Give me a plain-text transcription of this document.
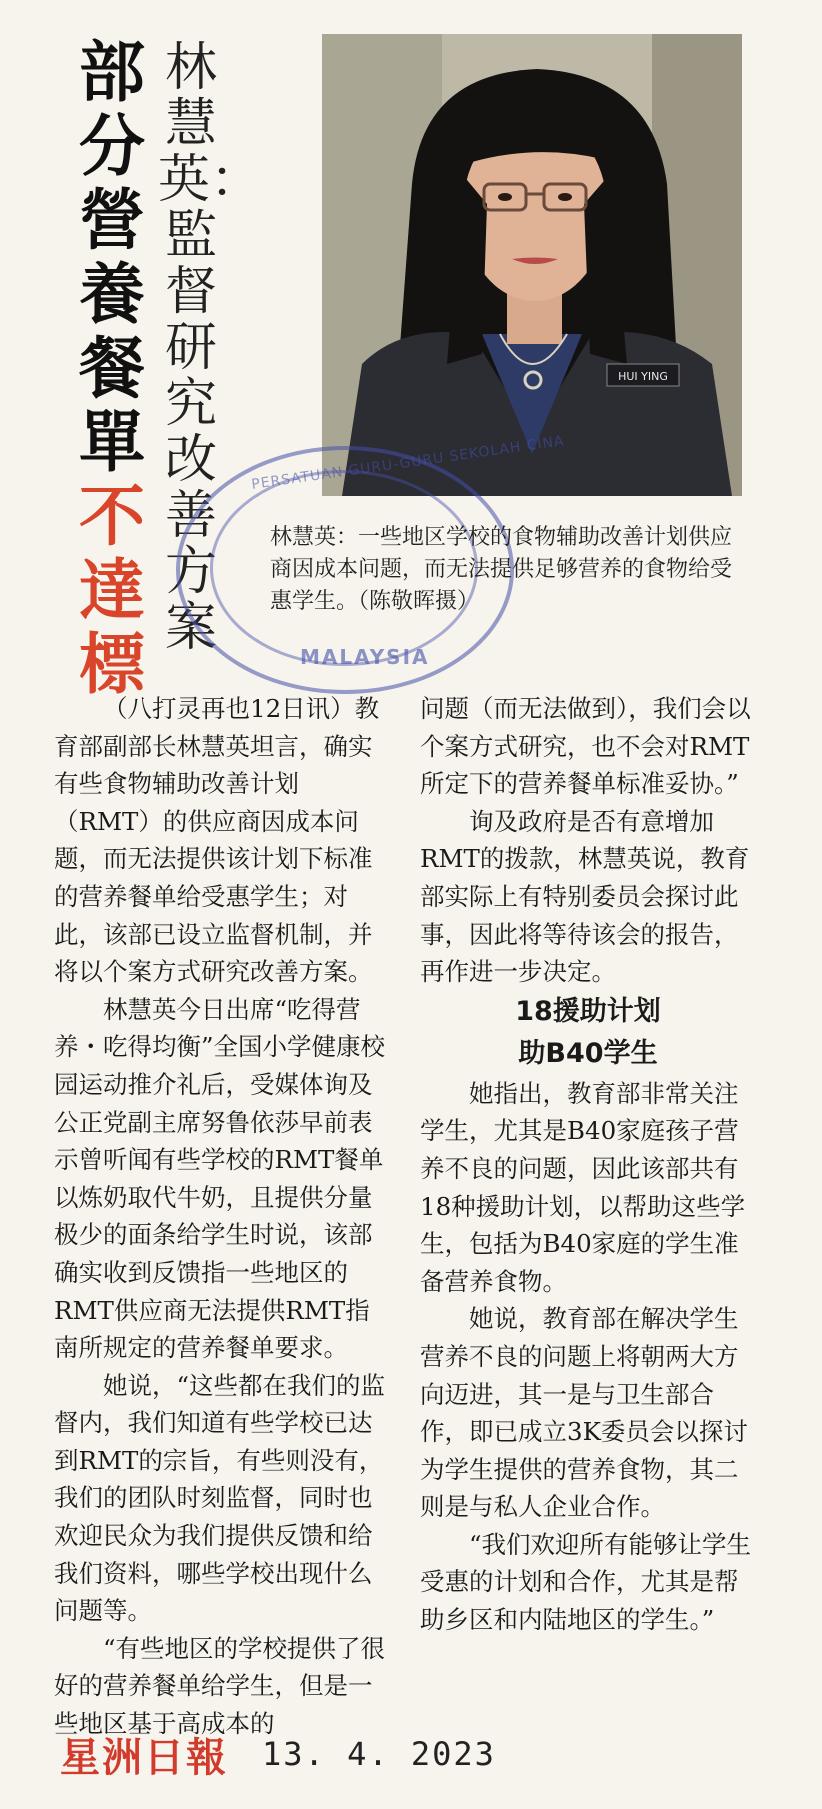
部分營養餐單
不達標
林慧英：
監督研究改善方案
HUI YING
PERSATUAN GURU-GURU SEKOLAH CINA
MALAYSIA
林慧英：一些地区学校的食物辅助改善计划供应商因成本问题，而无法提供足够营养的食物给受惠学生。（陈敬晖摄）

（八打灵再也12日讯）教育部副部长林慧英坦言，确实有些食物辅助改善计划（RMT）的供应商因成本问题，而无法提供该计划下标准的营养餐单给受惠学生；对此，该部已设立监督机制，并将以个案方式研究改善方案。

林慧英今日出席“吃得营养・吃得均衡”全国小学健康校园运动推介礼后，受媒体询及公正党副主席努鲁依莎早前表示曾听闻有些学校的RMT餐单以炼奶取代牛奶，且提供分量极少的面条给学生时说，该部确实收到反馈指一些地区的RMT供应商无法提供RMT指南所规定的营养餐单要求。

她说，“这些都在我们的监督内，我们知道有些学校已达到RMT的宗旨，有些则没有，我们的团队时刻监督，同时也欢迎民众为我们提供反馈和给我们资料，哪些学校出现什么问题等。

“有些地区的学校提供了很好的营养餐单给学生，但是一些地区基于高成本的

问题（而无法做到），我们会以个案方式研究，也不会对RMT所定下的营养餐单标准妥协。”

询及政府是否有意增加RMT的拨款，林慧英说，教育部实际上有特别委员会探讨此事，因此将等待该会的报告，再作进一步决定。

18援助计划
助B40学生

她指出，教育部非常关注学生，尤其是B40家庭孩子营养不良的问题，因此该部共有18种援助计划，以帮助这些学生，包括为B40家庭的学生准备营养食物。

她说，教育部在解决学生营养不良的问题上将朝两大方向迈进，其一是与卫生部合作，即已成立3K委员会以探讨为学生提供的营养食物，其二则是与私人企业合作。

“我们欢迎所有能够让学生受惠的计划和合作，尤其是帮助乡区和内陆地区的学生。”

星洲日報 13. 4. 2023
